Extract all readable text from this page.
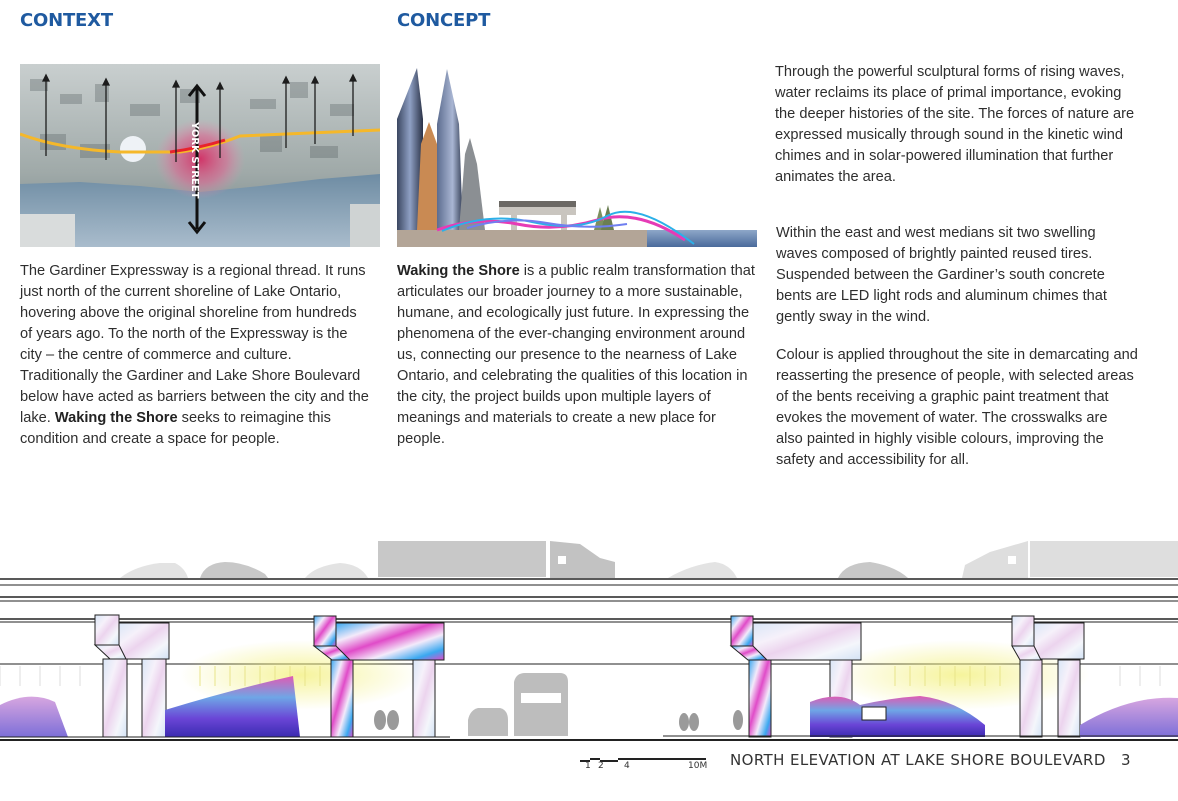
CONTEXT	CONCEPT
YORK STREET

The Gardiner Expressway is a regional thread. It runs just north of the current shoreline of Lake Ontario, hovering above the original shoreline from hundreds of years ago. To the north of the Expressway is the city – the centre of commerce and culture. Traditionally the Gardiner and Lake Shore Boulevard below have acted as barriers between the city and the lake. Waking the Shore seeks to reimagine this condition and create a space for people.

Waking the Shore is a public realm transformation that articulates our broader journey to a more sustainable, humane, and ecologically just future. In expressing the phenomena of the ever-changing environment around us, connecting our presence to the nearness of Lake Ontario, and celebrating the qualities of this location in the city, the project builds upon multiple layers of meanings and materials to create a new place for people.

Through the powerful sculptural forms of rising waves, water reclaims its place of primal importance, evoking the deeper histories of the site. The forces of nature are expressed musically through sound in the kinetic wind chimes and in solar-powered illumination that further animates the area.

Within the east and west medians sit two swelling waves composed of brightly painted reused tires. Suspended between the Gardiner’s south concrete bents are LED light rods and aluminum chimes that gently sway in the wind.

Colour is applied throughout the site in demarcating and reasserting the presence of people, with selected areas of the bents receiving a graphic paint treatment that evokes the movement of water. The crosswalks are also painted in highly visible colours, improving the safety and accessibility for all.

1 2 4	10M NORTH ELEVATION AT LAKE SHORE BOULEVARD 3
